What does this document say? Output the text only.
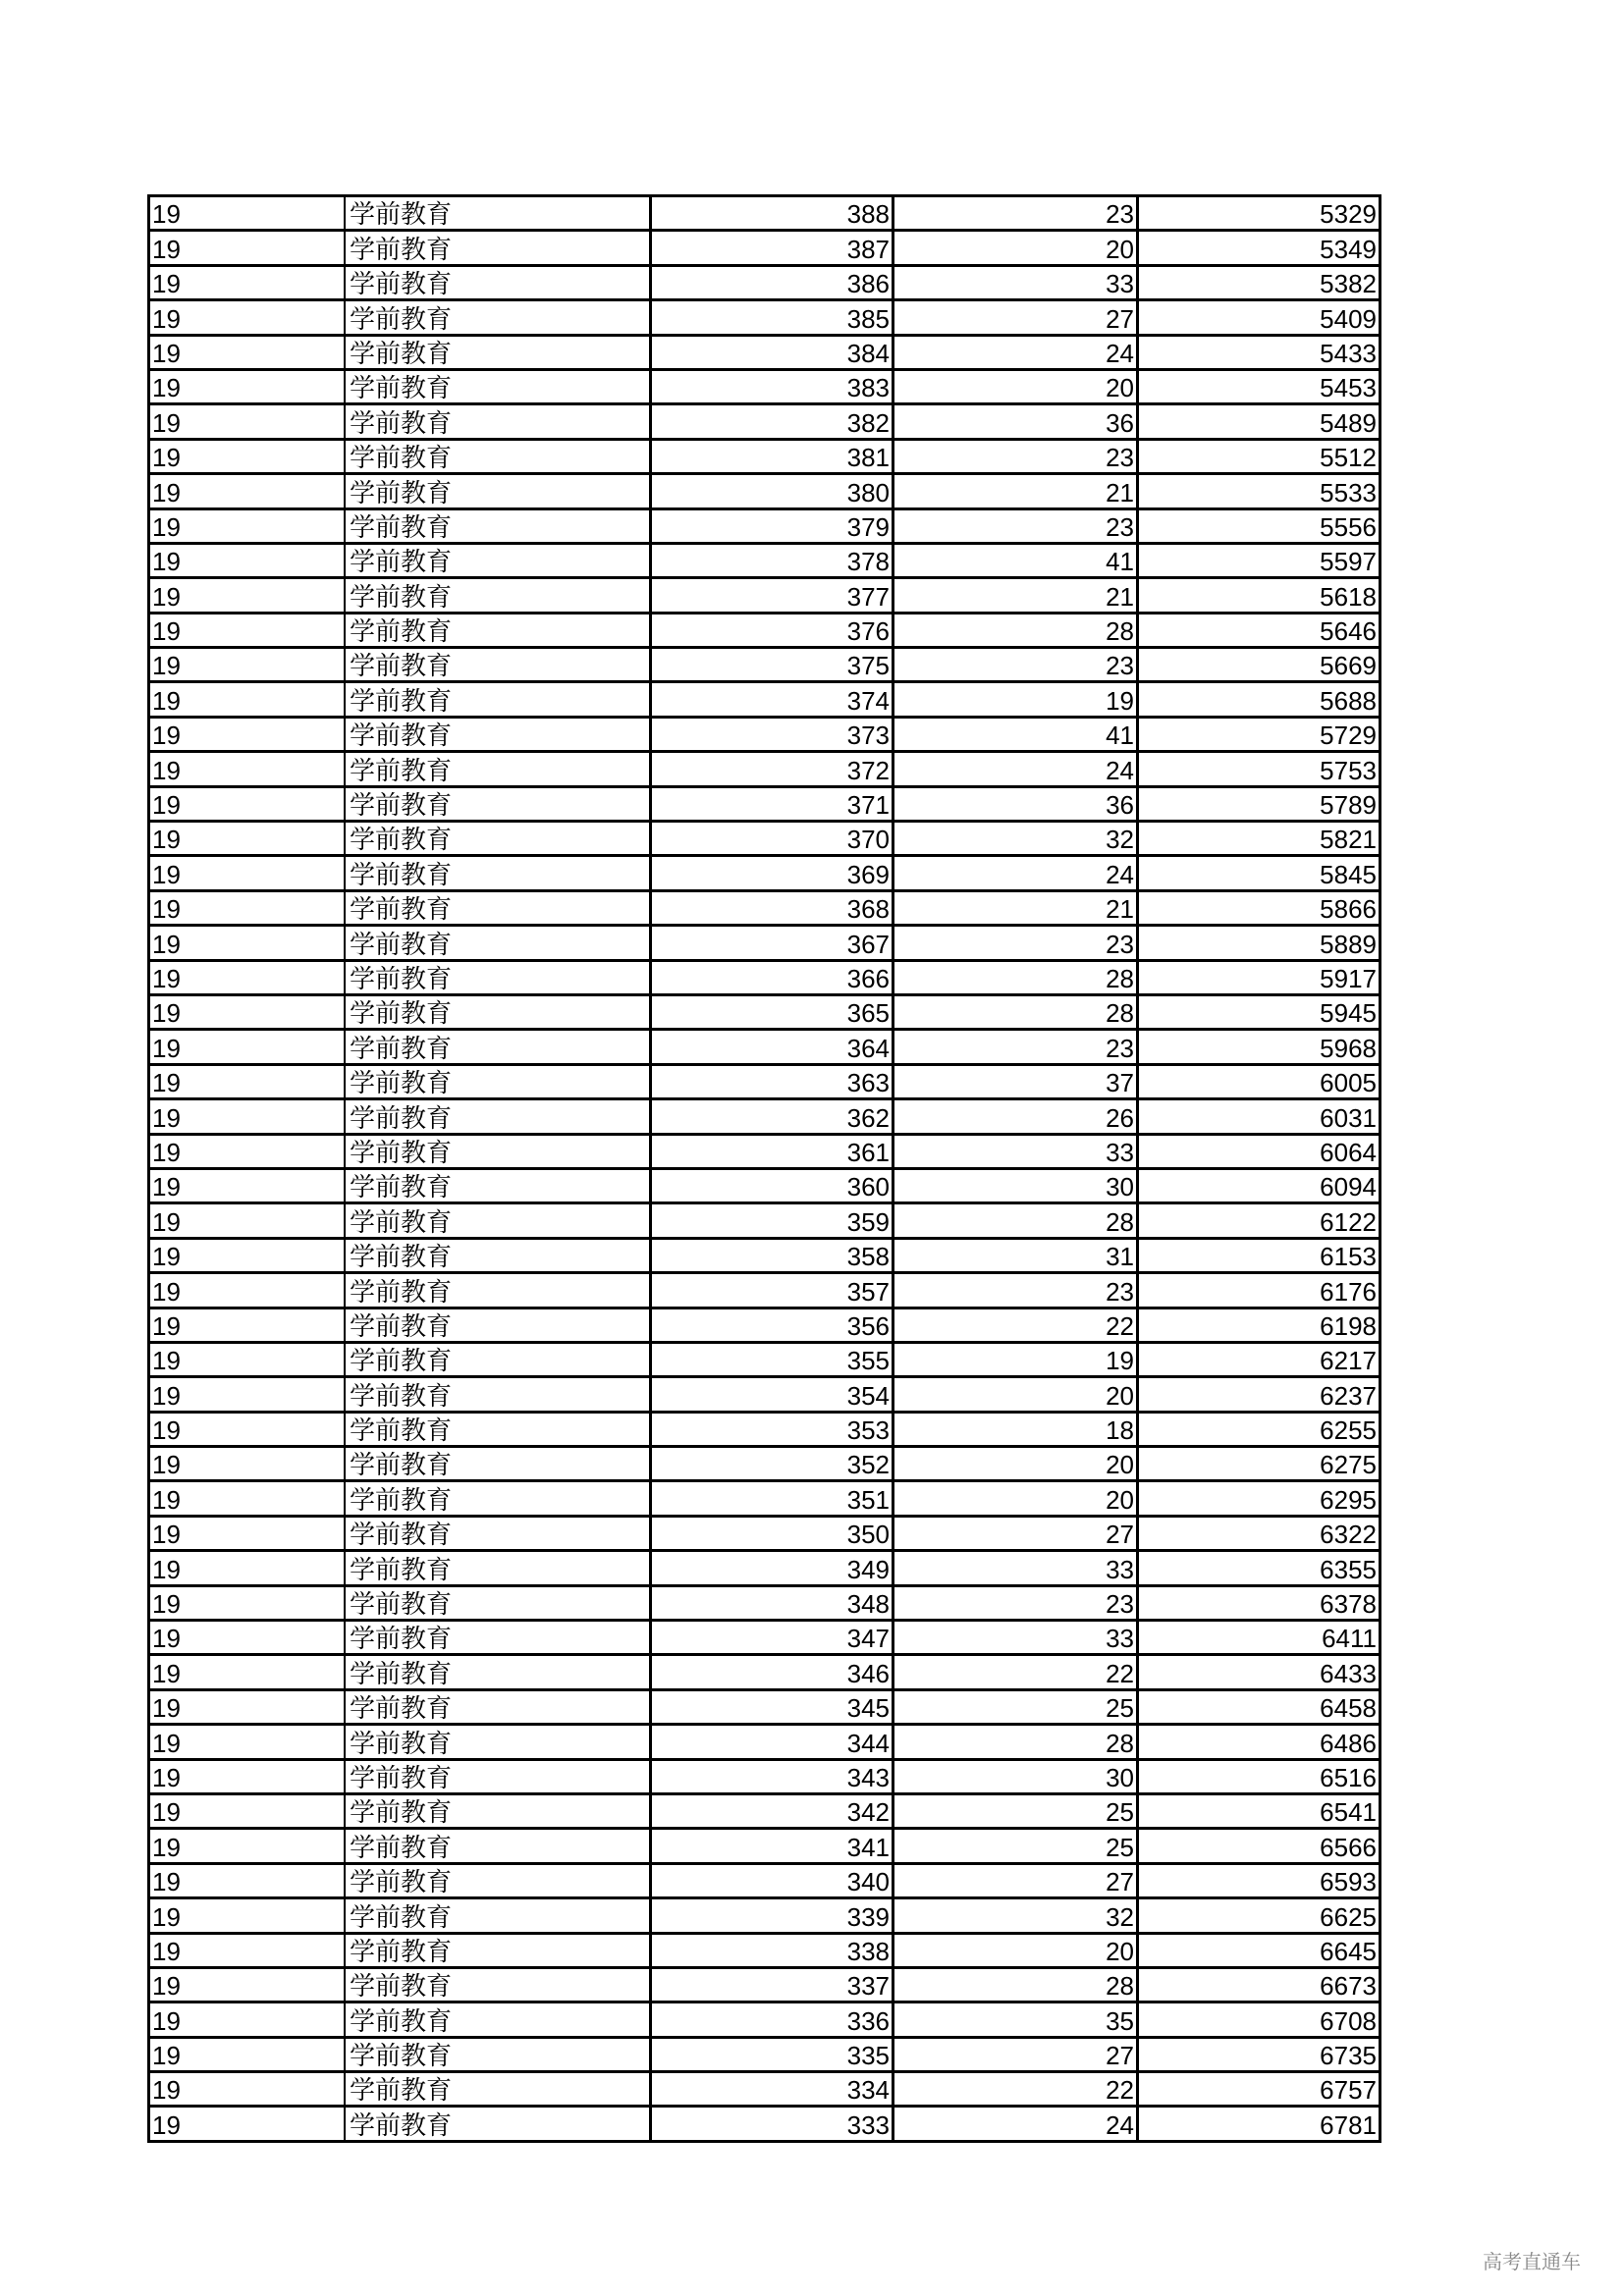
19	学前教育	388	23	5329
19	学前教育	387	20	5349
19	学前教育	386	33	5382
19	学前教育	385	27	5409
19	学前教育	384	24	5433
19	学前教育	383	20	5453
19	学前教育	382	36	5489
19	学前教育	381	23	5512
19	学前教育	380	21	5533
19	学前教育	379	23	5556
19	学前教育	378	41	5597
19	学前教育	377	21	5618
19	学前教育	376	28	5646
19	学前教育	375	23	5669
19	学前教育	374	19	5688
19	学前教育	373	41	5729
19	学前教育	372	24	5753
19	学前教育	371	36	5789
19	学前教育	370	32	5821
19	学前教育	369	24	5845
19	学前教育	368	21	5866
19	学前教育	367	23	5889
19	学前教育	366	28	5917
19	学前教育	365	28	5945
19	学前教育	364	23	5968
19	学前教育	363	37	6005
19	学前教育	362	26	6031
19	学前教育	361	33	6064
19	学前教育	360	30	6094
19	学前教育	359	28	6122
19	学前教育	358	31	6153
19	学前教育	357	23	6176
19	学前教育	356	22	6198
19	学前教育	355	19	6217
19	学前教育	354	20	6237
19	学前教育	353	18	6255
19	学前教育	352	20	6275
19	学前教育	351	20	6295
19	学前教育	350	27	6322
19	学前教育	349	33	6355
19	学前教育	348	23	6378
19	学前教育	347	33	6411
19	学前教育	346	22	6433
19	学前教育	345	25	6458
19	学前教育	344	28	6486
19	学前教育	343	30	6516
19	学前教育	342	25	6541
19	学前教育	341	25	6566
19	学前教育	340	27	6593
19	学前教育	339	32	6625
19	学前教育	338	20	6645
19	学前教育	337	28	6673
19	学前教育	336	35	6708
19	学前教育	335	27	6735
19	学前教育	334	22	6757
19	学前教育	333	24	6781
高考直通车
